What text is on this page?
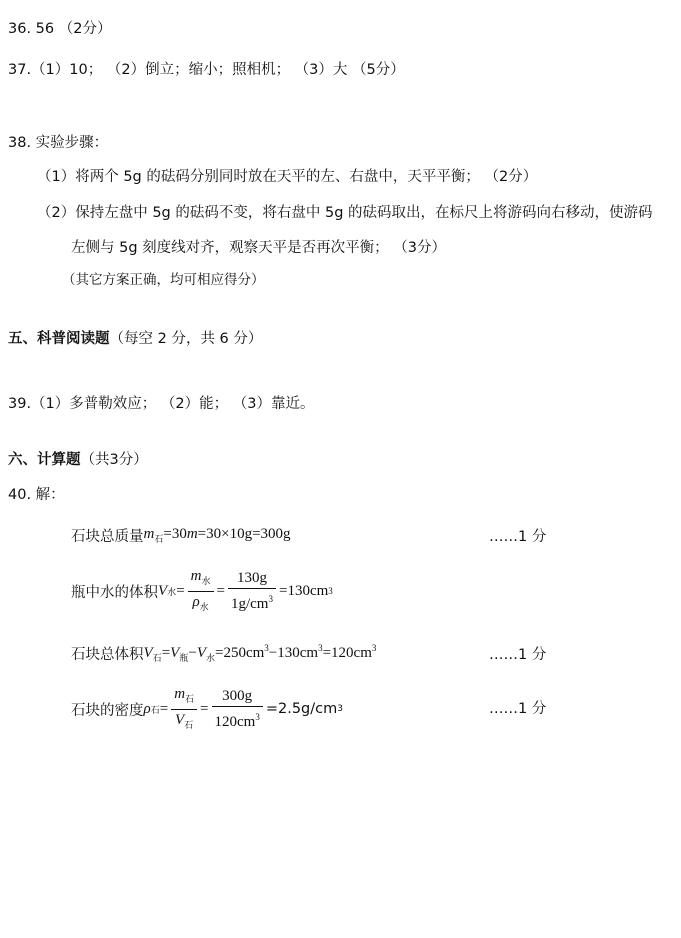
36. 56 （2分）
37.（1）10； （2）倒立；缩小；照相机； （3）大 （5分）
38. 实验步骤：
（1）将两个 5g 的砝码分别同时放在天平的左、右盘中，天平平衡； （2分）
（2）保持左盘中 5g 的砝码不变，将右盘中 5g 的砝码取出，在标尺上将游码向右移动，使游码
左侧与 5g 刻度线对齐，观察天平是否再次平衡； （3分）
（其它方案正确，均可相应得分）
五、科普阅读题（每空 2 分，共 6 分）
39.（1）多普勒效应； （2）能； （3）靠近。
六、计算题（共3分）
40. 解：
石块总质量 $m_石=30m=30\times 10g=300g$	……1 分
瓶中水的体积 V 水 = $\frac{m_水}{\rho_水} = \frac{130g}{1g/cm^3} =130cm$ 3
石块总体积 $V_石=V_瓶-V_水=250cm^3-130cm^3=120cm^3$	……1 分
石块的密度 ρ 石 = $\frac{m_石}{V_石} = \frac{300g}{120cm^3} =2.5g/cm$ 3	……1 分
